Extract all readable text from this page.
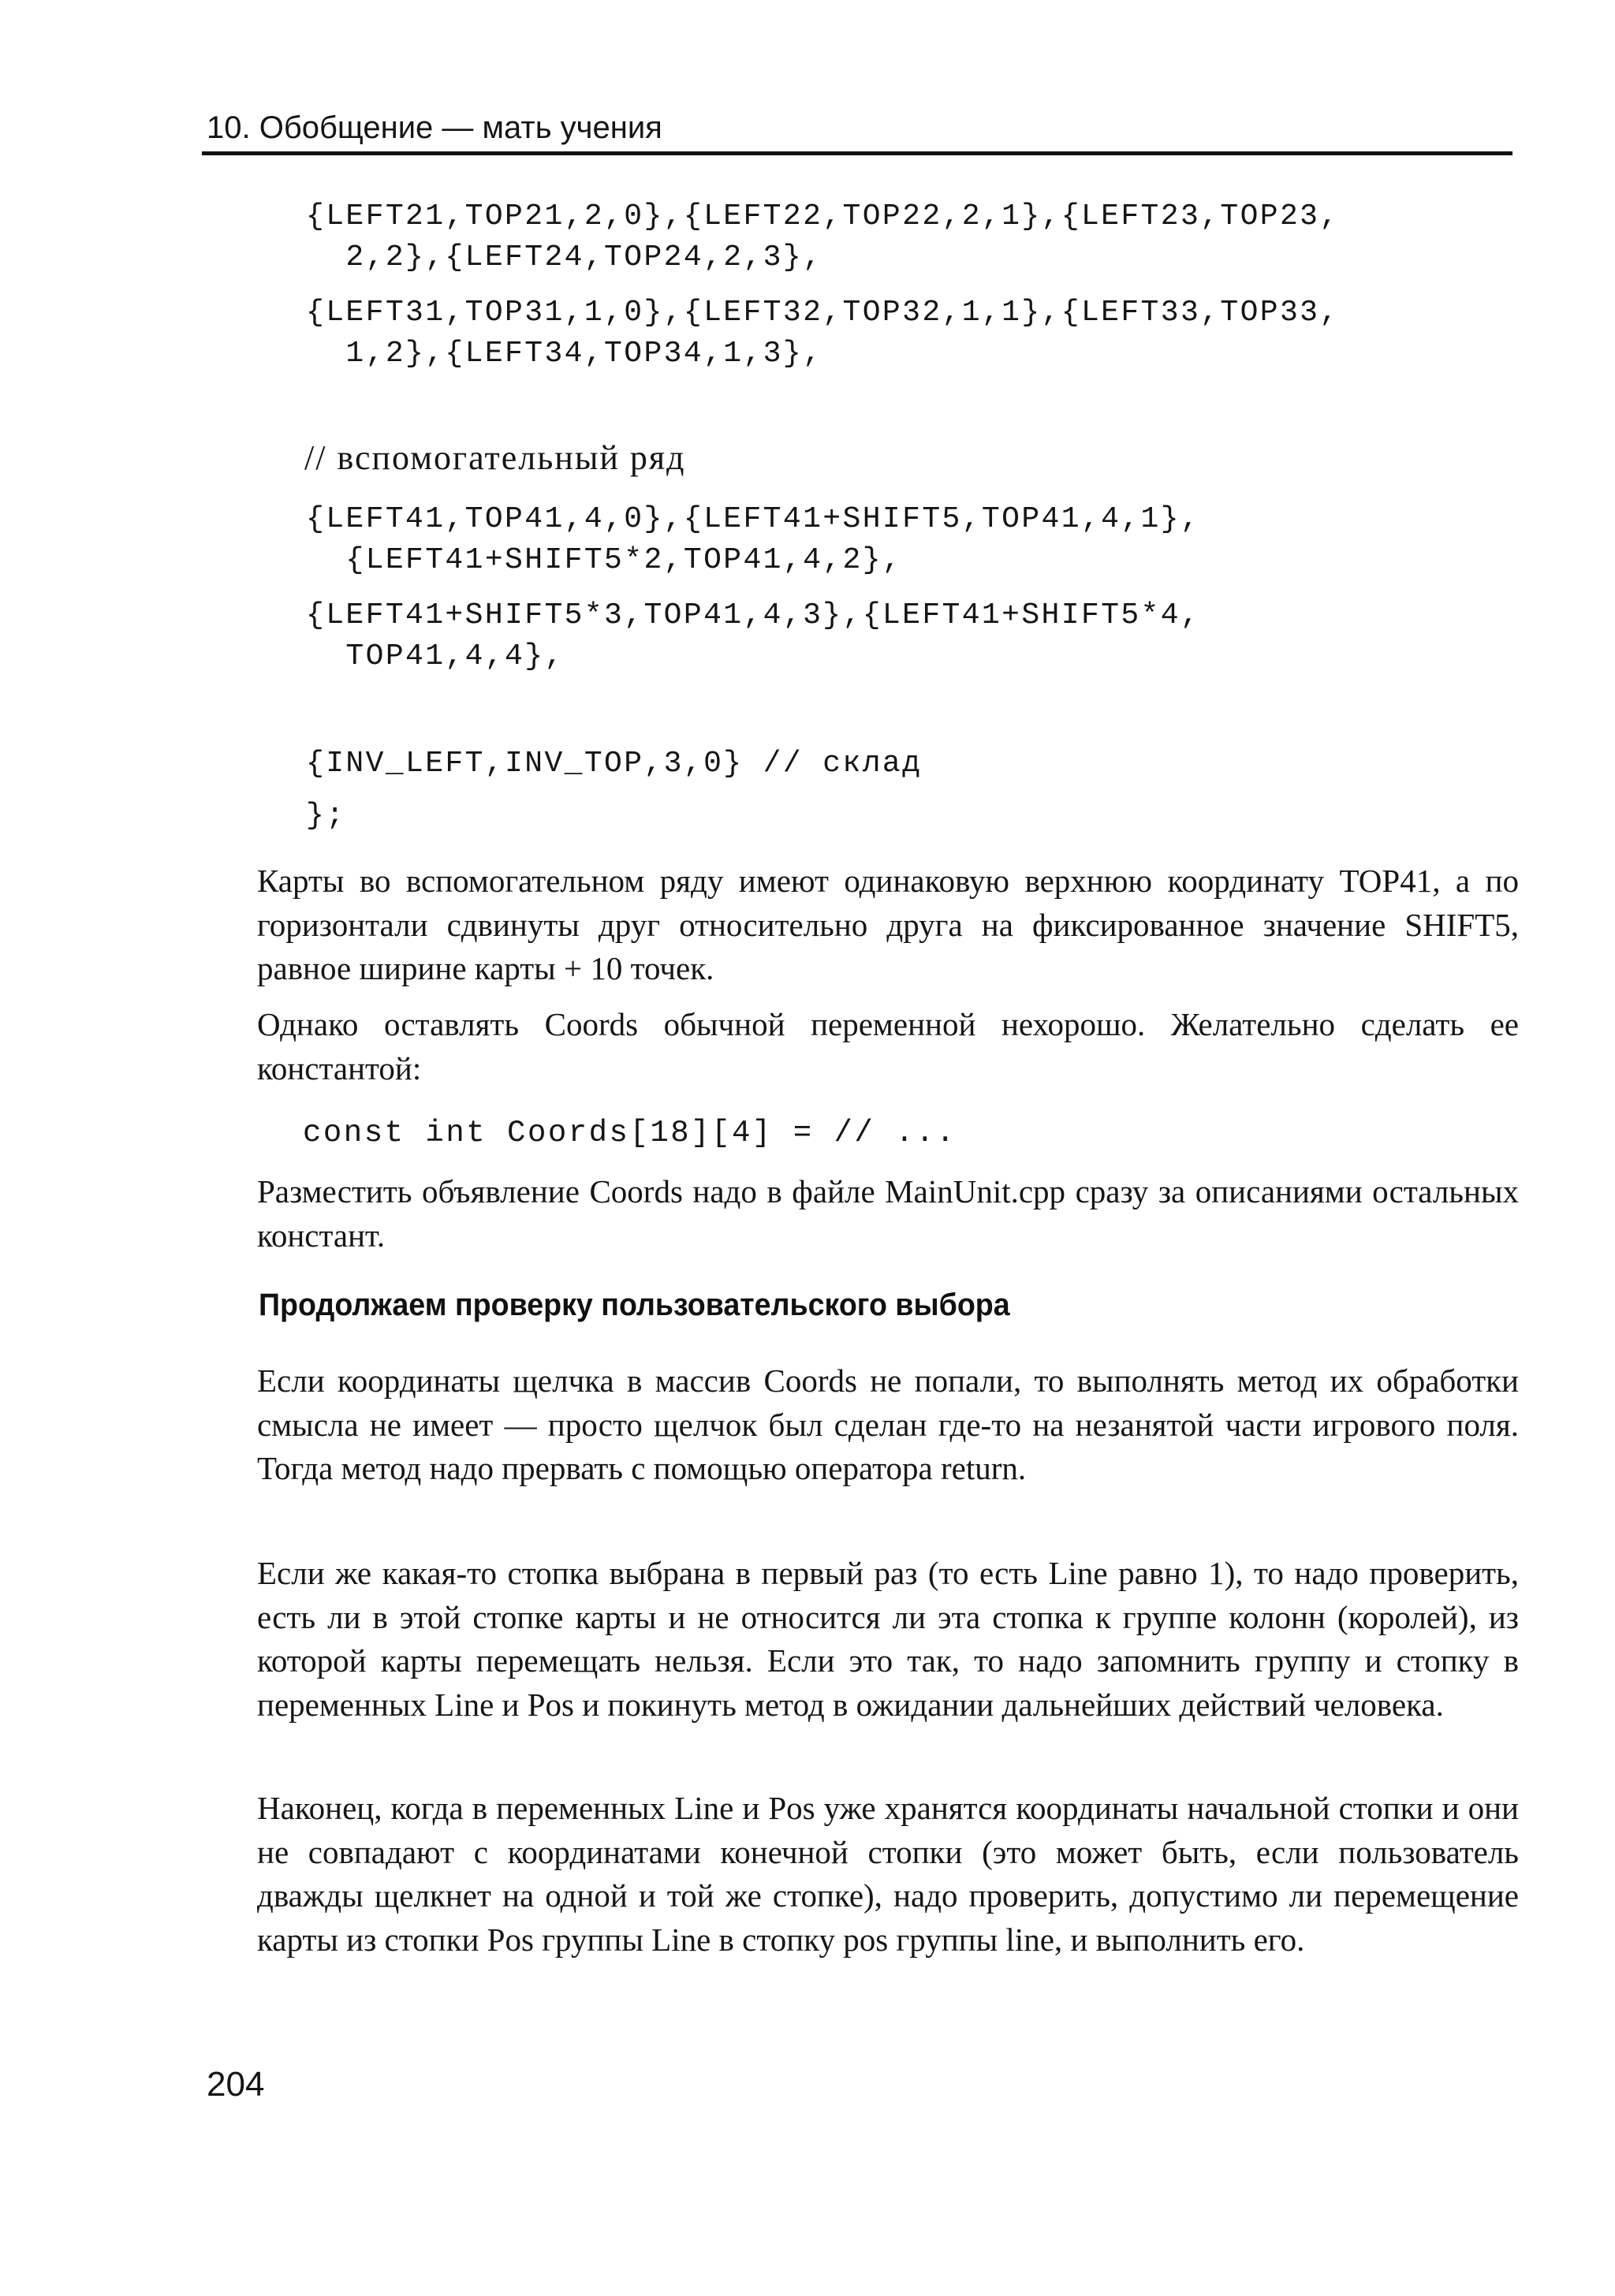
10. Обобщение — мать учения
{LEFT21,TOP21,2,0},{LEFT22,TOP22,2,1},{LEFT23,TOP23,
2,2},{LEFT24,TOP24,2,3},
{LEFT31,TOP31,1,0},{LEFT32,TOP32,1,1},{LEFT33,TOP33,
1,2},{LEFT34,TOP34,1,3},
// вспомогательный ряд
{LEFT41,TOP41,4,0},{LEFT41+SHIFT5,TOP41,4,1},
{LEFT41+SHIFT5*2,TOP41,4,2},
{LEFT41+SHIFT5*3,TOP41,4,3},{LEFT41+SHIFT5*4,
TOP41,4,4},
{INV_LEFT,INV_TOP,3,0} // склад
};

Карты во вспомогательном ряду имеют одинаковую верхнюю координату TOP41, а по горизонтали сдвинуты друг относительно друга на фиксированное значение SHIFT5, равное ширине карты + 10 точек.

Однако оставлять Coords обычной переменной нехорошо. Желательно сделать ее константой:

const int Coords[18][4] = // ...

Разместить объявление Coords надо в файле MainUnit.cpp сразу за описаниями остальных констант.

Продолжаем проверку пользовательского выбора

Если координаты щелчка в массив Coords не попали, то выполнять метод их обработки смысла не имеет — просто щелчок был сделан где-то на незанятой части игрового поля. Тогда метод надо прервать с помощью оператора return.

Если же какая-то стопка выбрана в первый раз (то есть Line равно 1), то надо проверить, есть ли в этой стопке карты и не относится ли эта стопка к группе колонн (королей), из которой карты перемещать нельзя. Если это так, то надо запомнить группу и стопку в переменных Line и Pos и покинуть метод в ожидании дальнейших действий человека.

Наконец, когда в переменных Line и Pos уже хранятся координаты начальной стопки и они не совпадают с координатами конечной стопки (это может быть, если пользователь дважды щелкнет на одной и той же стопке), надо проверить, допустимо ли перемещение карты из стопки Pos группы Line в стопку pos группы line, и выполнить его.

204
